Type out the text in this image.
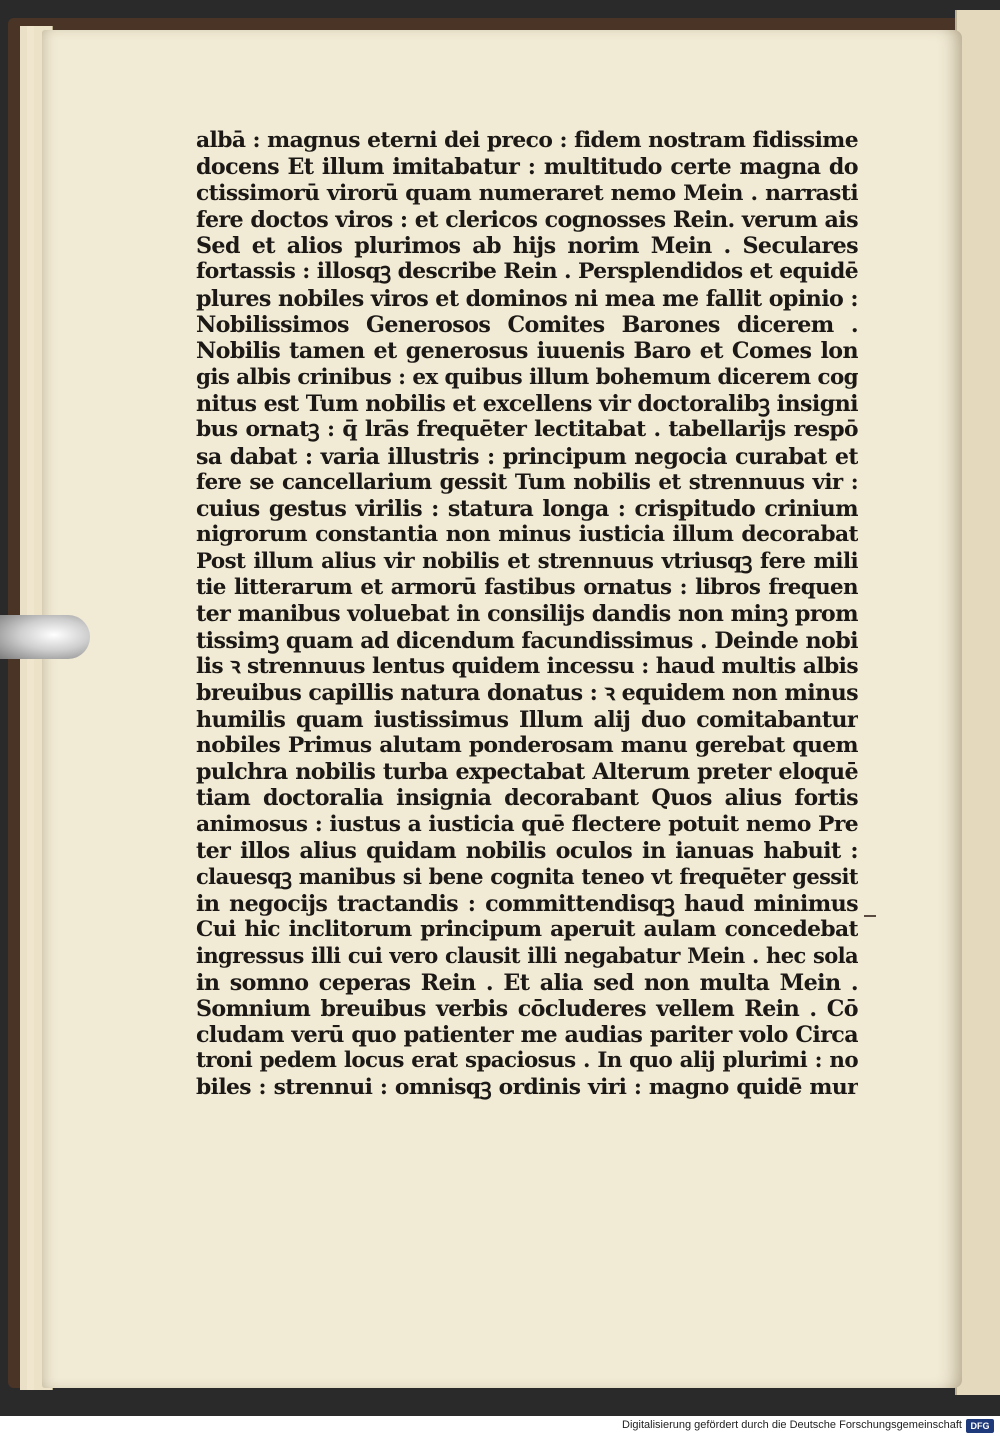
albā : magnus eterni dei preco : fidem nostram fidissime
docens Et illum imitabatur : multitudo certe magna do
ctissimorū virorū quam numeraret nemo Mein . narrasti
fere doctos viros : et clericos cognosses Rein. verum ais
Sed et alios plurimos ab hijs norim Mein . Seculares
fortassis : illosqꝫ describe Rein . Persplendidos et equidē
plures nobiles viros et dominos ni mea me fallit opinio :
Nobilissimos Generosos Comites Barones dicerem .
Nobilis tamen et generosus iuuenis Baro et Comes lon
gis albis crinibus : ex quibus illum bohemum dicerem cog
nitus est Tum nobilis et excellens vir doctoralibꝫ insigni
bus ornatꝫ : q̄ lrās frequēter lectitabat . tabellarijs respō
sa dabat : varia illustris : principum negocia curabat et
fere se cancellarium gessit Tum nobilis et strennuus vir :
cuius gestus virilis : statura longa : crispitudo crinium
nigrorum constantia non minus iusticia illum decorabat
Post illum alius vir nobilis et strennuus vtriusqꝫ fere mili
tie litterarum et armorū fastibus ornatus : libros frequen
ter manibus voluebat in consilijs dandis non minꝫ prom
tissimꝫ quam ad dicendum facundissimus . Deinde nobi
lis ꝛ strennuus lentus quidem incessu : haud multis albis
breuibus capillis natura donatus : ꝛ equidem non minus
humilis quam iustissimus Illum alij duo comitabantur
nobiles Primus alutam ponderosam manu gerebat quem
pulchra nobilis turba expectabat Alterum preter eloquē
tiam doctoralia insignia decorabant Quos alius fortis
animosus : iustus a iusticia quē flectere potuit nemo Pre
ter illos alius quidam nobilis oculos in ianuas habuit :
clauesqꝫ manibus si bene cognita teneo vt frequēter gessit
in negocijs tractandis : committendisqꝫ haud minimus
Cui hic inclitorum principum aperuit aulam concedebat
ingressus illi cui vero clausit illi negabatur Mein . hec sola
in somno ceperas Rein . Et alia sed non multa Mein .
Somnium breuibus verbis cōcluderes vellem Rein . Cō
cludam verū quo patienter me audias pariter volo Circa
troni pedem locus erat spaciosus . In quo alij plurimi : no
biles : strennui : omnisqꝫ ordinis viri : magno quidē mur
Digitalisierung gefördert durch die Deutsche Forschungsgemeinschaft DFG
